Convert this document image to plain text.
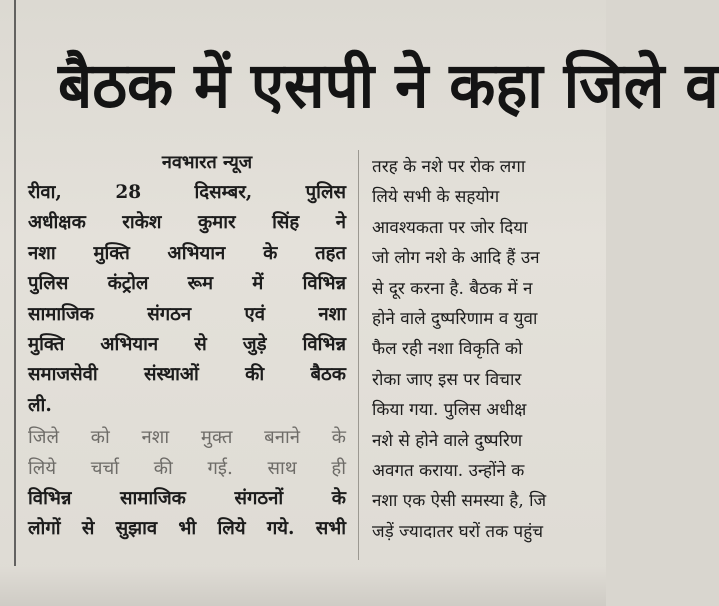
बैठक में एसपी ने कहा जिले व
नवभारत न्यूज
रीवा, 28 दिसम्बर, पुलिस
अधीक्षक राकेश कुमार सिंह ने
नशा मुक्ति अभियान के तहत
पुलिस कंट्रोल रूम में विभिन्न
सामाजिक संगठन एवं नशा
मुक्ति अभियान से जुड़े विभिन्न
समाजसेवी संस्थाओं की बैठक
ली.
जिले को नशा मुक्त बनाने के
लिये चर्चा की गई. साथ ही
विभिन्न सामाजिक संगठनों के
लोगों से सुझाव भी लिये गये. सभी
तरह के नशे पर रोक लगा
लिये सभी के सहयोग
आवश्यकता पर जोर दिया
जो लोग नशे के आदि हैं उन
से दूर करना है. बैठक में न
होने वाले दुष्परिणाम व युवा
फैल रही नशा विकृति को
रोका जाए इस पर विचार
किया गया. पुलिस अधीक्ष
नशे से होने वाले दुष्परिण
अवगत कराया. उन्होंने क
नशा एक ऐसी समस्या है, जि
जड़ें ज्यादातर घरों तक पहुंच
